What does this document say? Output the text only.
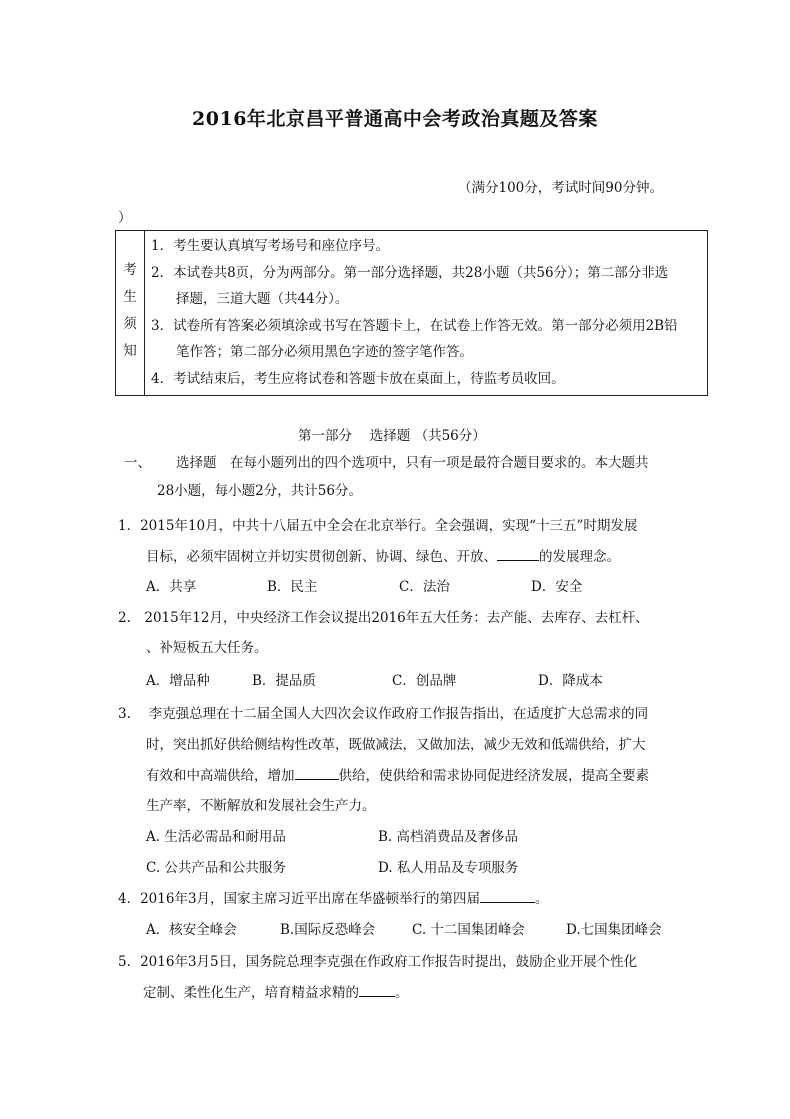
2016年北京昌平普通高中会考政治真题及答案
（满分100分，考试时间90分钟。
）
考
生
须
知

1．考生要认真填写考场号和座位序号。
2．本试卷共8页，分为两部分。第一部分选择题，共28小题（共56分）；第二部分非选
择题，三道大题（共44分）。
3．试卷所有答案必须填涂或书写在答题卡上，在试卷上作答无效。第一部分必须用2B铅
笔作答；第二部分必须用黑色字迹的签字笔作答。
4．考试结束后，考生应将试卷和答题卡放在桌面上，待监考员收回。
第一部分　 选择题 （共56分）
一、 选择题　在每小题列出的四个选项中，只有一项是最符合题目要求的。本大题共
28小题，每小题2分，共计56分。
1．2015年10月，中共十八届五中全会在北京举行。全会强调，实现“十三五”时期发展
目标，必须牢固树立并切实贯彻创新、协调、绿色、开放、	的发展理念。
A．共享	B．民主	C．法治	D．安全
2.　2015年12月，中央经济工作会议提出2016年五大任务：去产能、去库存、去杠杆、
、补短板五大任务。
A．增品种	B．提品质	C．创品牌	D．降成本
3.　 李克强总理在十二届全国人大四次会议作政府工作报告指出，在适度扩大总需求的同
时，突出抓好供给侧结构性改革，既做减法，又做加法，减少无效和低端供给，扩大
有效和中高端供给，增加	供给，使供给和需求协同促进经济发展，提高全要素
生产率，不断解放和发展社会生产力。
A. 生活必需品和耐用品	B. 高档消费品及奢侈品
C. 公共产品和公共服务	D. 私人用品及专项服务
4．2016年3月，国家主席习近平出席在华盛顿举行的第四届	。
A．核安全峰会	B.国际反恐峰会	C. 十二国集团峰会	D.七国集团峰会
5．2016年3月5日，国务院总理李克强在作政府工作报告时提出，鼓励企业开展个性化
定制、柔性化生产，培育精益求精的	。
